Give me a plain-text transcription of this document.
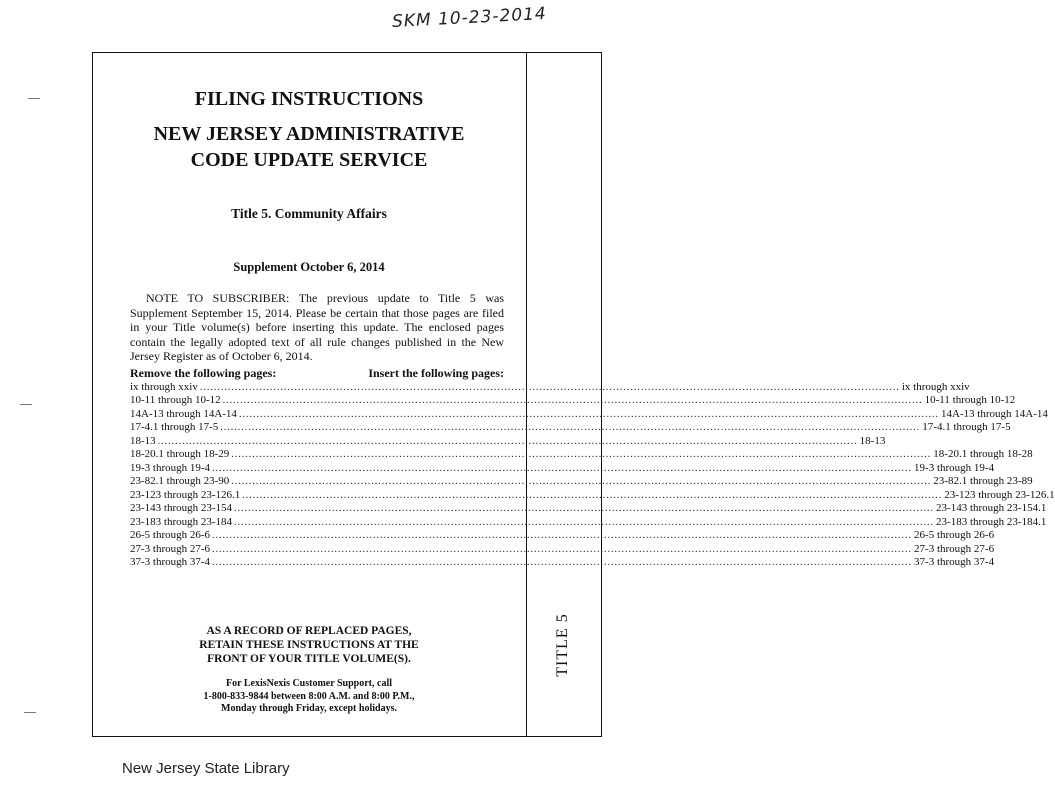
SKM 10-23-2014
TITLE 5
FILING INSTRUCTIONS
NEW JERSEY ADMINISTRATIVE CODE UPDATE SERVICE
Title 5. Community Affairs
Supplement October 6, 2014
NOTE TO SUBSCRIBER: The previous update to Title 5 was Supplement September 15, 2014. Please be certain that those pages are filed in your Title volume(s) before inserting this update. The enclosed pages contain the legally adopted text of all rule changes published in the New Jersey Register as of October 6, 2014.
Remove the following pages:	Insert the following pages:
ix through xxiv ........................................................................................................................................................................................................ ix through xxiv
10-11 through 10-12 ........................................................................................................................................................................................................ 10-11 through 10-12
14A-13 through 14A-14 ........................................................................................................................................................................................................ 14A-13 through 14A-14
17-4.1 through 17-5 ........................................................................................................................................................................................................ 17-4.1 through 17-5
18-13 ........................................................................................................................................................................................................ 18-13
18-20.1 through 18-29 ........................................................................................................................................................................................................ 18-20.1 through 18-28
19-3 through 19-4 ........................................................................................................................................................................................................ 19-3 through 19-4
23-82.1 through 23-90 ........................................................................................................................................................................................................ 23-82.1 through 23-89
23-123 through 23-126.1 ........................................................................................................................................................................................................ 23-123 through 23-126.1
23-143 through 23-154 ........................................................................................................................................................................................................ 23-143 through 23-154.1
23-183 through 23-184 ........................................................................................................................................................................................................ 23-183 through 23-184.1
26-5 through 26-6 ........................................................................................................................................................................................................ 26-5 through 26-6
27-3 through 27-6 ........................................................................................................................................................................................................ 27-3 through 27-6
37-3 through 37-4 ........................................................................................................................................................................................................ 37-3 through 37-4
AS A RECORD OF REPLACED PAGES,
RETAIN THESE INSTRUCTIONS AT THE
FRONT OF YOUR TITLE VOLUME(S).
For LexisNexis Customer Support, call
1-800-833-9844 between 8:00 A.M. and 8:00 P.M.,
Monday through Friday, except holidays.
New Jersey State Library
